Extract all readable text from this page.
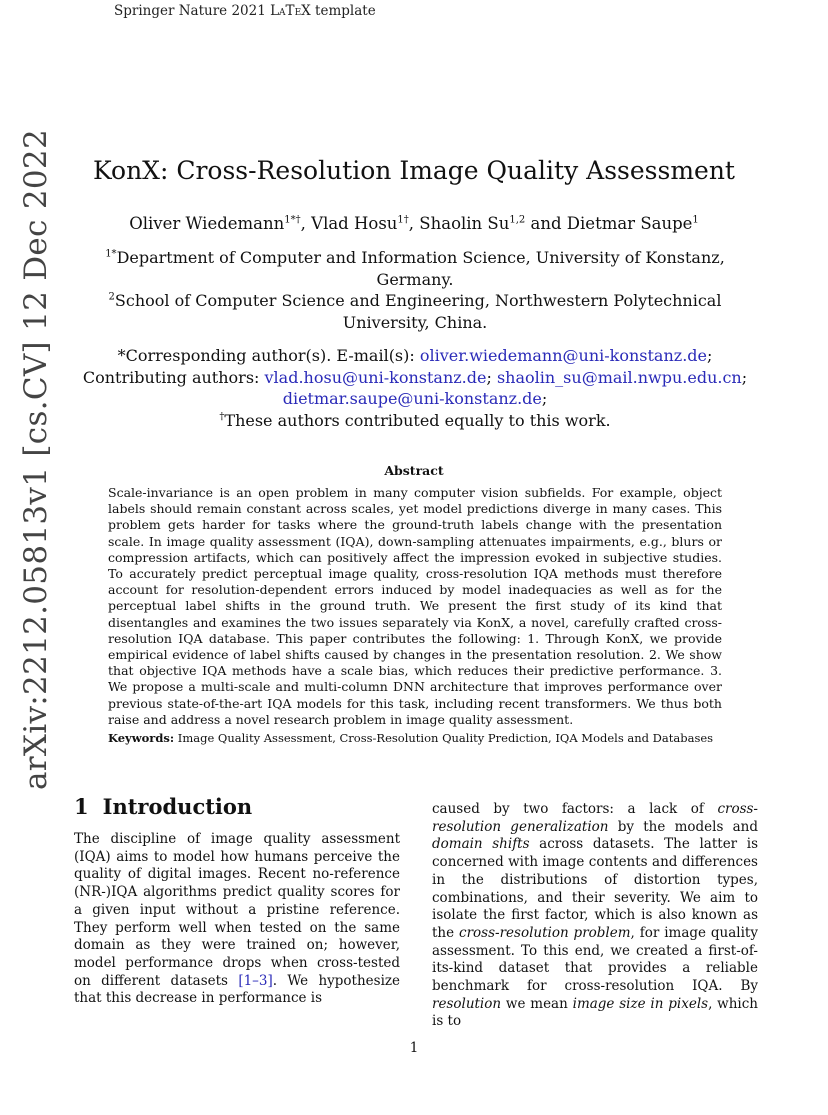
Springer Nature 2021 LaTeX template
arXiv:2212.05813v1 [cs.CV] 12 Dec 2022	KonX: Cross-Resolution Image Quality Assessment
Oliver Wiedemann$^{1*\dagger}$, Vlad Hosu$^{1\dagger}$, Shaolin Su$^{1,2}$ and Dietmar Saupe$^1$
$^{1*}$Department of Computer and Information Science, University of Konstanz, Germany.
$^2$School of Computer Science and Engineering, Northwestern Polytechnical University, China.
*Corresponding author(s). E-mail(s): oliver.wiedemann@uni-konstanz.de;
Contributing authors: vlad.hosu@uni-konstanz.de; shaolin_su@mail.nwpu.edu.cn;
dietmar.saupe@uni-konstanz.de;
†These authors contributed equally to this work.
Abstract
Scale-invariance is an open problem in many computer vision subfields. For example, object labels should remain constant across scales, yet model predictions diverge in many cases. This problem gets harder for tasks where the ground-truth labels change with the presentation scale. In image quality assessment (IQA), down-sampling attenuates impairments, e.g., blurs or compression artifacts, which can positively affect the impression evoked in subjective studies. To accurately predict perceptual image quality, cross-resolution IQA methods must therefore account for resolution-dependent errors induced by model inadequacies as well as for the perceptual label shifts in the ground truth. We present the first study of its kind that disentangles and examines the two issues separately via KonX, a novel, carefully crafted cross-resolution IQA database. This paper contributes the following: 1. Through KonX, we provide empirical evidence of label shifts caused by changes in the presentation resolution. 2. We show that objective IQA methods have a scale bias, which reduces their predictive performance. 3. We propose a multi-scale and multi-column DNN architecture that improves performance over previous state-of-the-art IQA models for this task, including recent transformers. We thus both raise and address a novel research problem in image quality assessment.
Keywords: Image Quality Assessment, Cross-Resolution Quality Prediction, IQA Models and Databases
1 Introduction
The discipline of image quality assessment (IQA) aims to model how humans perceive the quality of digital images. Recent no-reference (NR-)IQA algorithms predict quality scores for a given input without a pristine reference. They perform well when tested on the same domain as they were trained on; however, model performance drops when cross-tested on different datasets [1–3]. We hypothesize that this decrease in performance is
caused by two factors: a lack of cross-resolution generalization by the models and domain shifts across datasets. The latter is concerned with image contents and differences in the distributions of distortion types, combinations, and their severity. We aim to isolate the first factor, which is also known as the cross-resolution problem, for image quality assessment. To this end, we created a first-of-its-kind dataset that provides a reliable benchmark for cross-resolution IQA. By resolution we mean image size in pixels, which is to
1
